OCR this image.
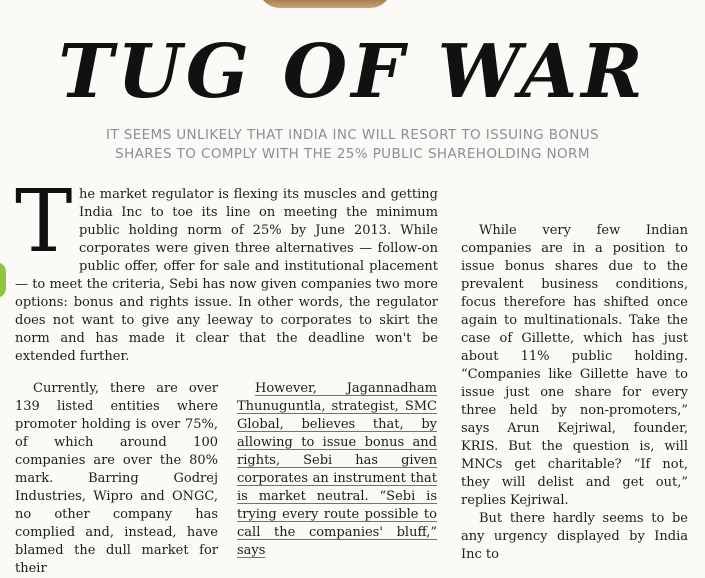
TUG OF WAR
IT SEEMS UNLIKELY THAT INDIA INC WILL RESORT TO ISSUING BONUS
SHARES TO COMPLY WITH THE 25% PUBLIC SHAREHOLDING NORM
T he market regulator is flexing its muscles and getting India Inc to toe its line on meeting the minimum public holding norm of 25% by June 2013. While corporates were given three alternatives — follow-on public offer, offer for sale and institutional placement — to meet the criteria, Sebi has now given companies two more options: bonus and rights issue. In other words, the regulator does not want to give any leeway to corporates to skirt the norm and has made it clear that the deadline won't be extended further.
Currently, there are over 139 listed entities where promoter holding is over 75%, of which around 100 companies are over the 80% mark. Barring Godrej Industries, Wipro and ONGC, no other company has complied and, instead, have blamed the dull market for their
However, Jagannadham Thunuguntla, strategist, SMC Global, believes that, by allowing to issue bonus and rights, Sebi has given corporates an instrument that is market neutral. “Sebi is trying every route possible to call the companies' bluff,” says
While very few Indian companies are in a position to issue bonus shares due to the prevalent business conditions, focus therefore has shifted once again to multinationals. Take the case of Gillette, which has just about 11% public holding. “Companies like Gillette have to issue just one share for every three held by non-promoters,” says Arun Kejriwal, founder, KRIS. But the question is, will MNCs get charitable? “If not, they will delist and get out,” replies Kejriwal.
But there hardly seems to be any urgency displayed by India Inc to
